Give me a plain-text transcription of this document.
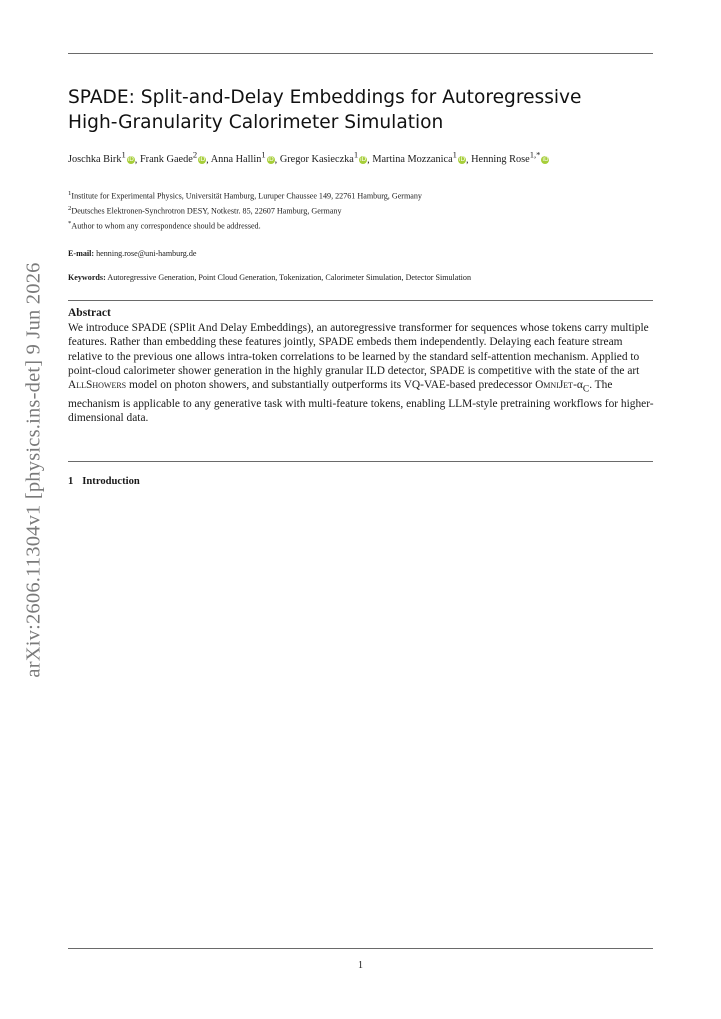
arXiv:2606.11304v1 [physics.ins-det] 9 Jun 2026
SPADE: Split-and-Delay Embeddings for Autoregressive
High-Granularity Calorimeter Simulation
Joschka Birk$^1$ iD, Frank Gaede$^2$ iD, Anna Hallin$^1$ iD, Gregor Kasieczka$^1$ iD, Martina Mozzanica$^1$ iD, Henning Rose$^{1,*}$ iD
$^1$Institute for Experimental Physics, Universität Hamburg, Luruper Chaussee 149, 22761 Hamburg, Germany
$^2$Deutsches Elektronen-Synchrotron DESY, Notkestr. 85, 22607 Hamburg, Germany
*Author to whom any correspondence should be addressed.
E-mail: henning.rose@uni-hamburg.de
Keywords: Autoregressive Generation, Point Cloud Generation, Tokenization, Calorimeter Simulation, Detector Simulation
Abstract

We introduce SPADE (SPlit And Delay Embeddings), an autoregressive transformer for sequences whose tokens carry multiple features. Rather than embedding these features jointly, SPADE embeds them independently. Delaying each feature stream relative to the previous one allows intra-token correlations to be learned by the standard self-attention mechanism. Applied to point-cloud calorimeter shower generation in the highly granular ILD detector, SPADE is competitive with the state of the art AllShowers model on photon showers, and substantially outperforms its VQ-VAE-based predecessor OmniJet-$\alpha_C$. The mechanism is applicable to any generative task with multi-feature tokens, enabling LLM-style pretraining workflows for higher-dimensional data.

1 Introduction
1
